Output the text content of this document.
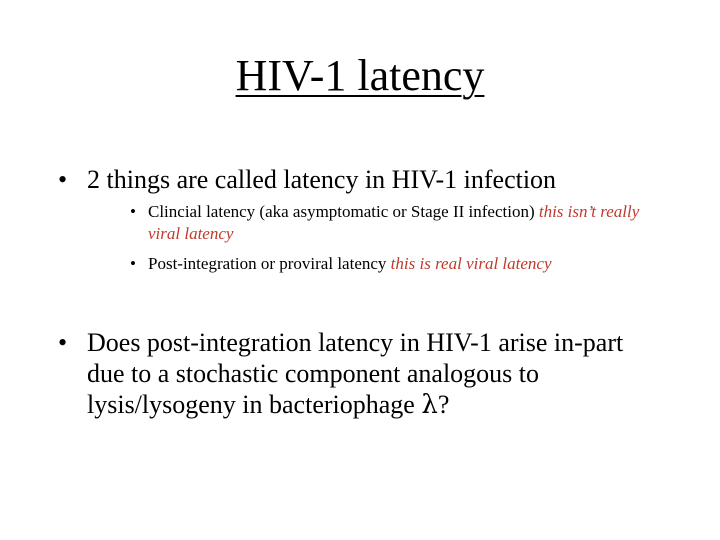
HIV-1 latency
• 2 things are called latency in HIV-1 infection
• Clincial latency (aka asymptomatic or Stage II infection) this isn’t really viral latency
• Post-integration or proviral latency this is real viral latency
• Does post-integration latency in HIV-1 arise in-part due to a stochastic component analogous to lysis/lysogeny in bacteriophage λ?
